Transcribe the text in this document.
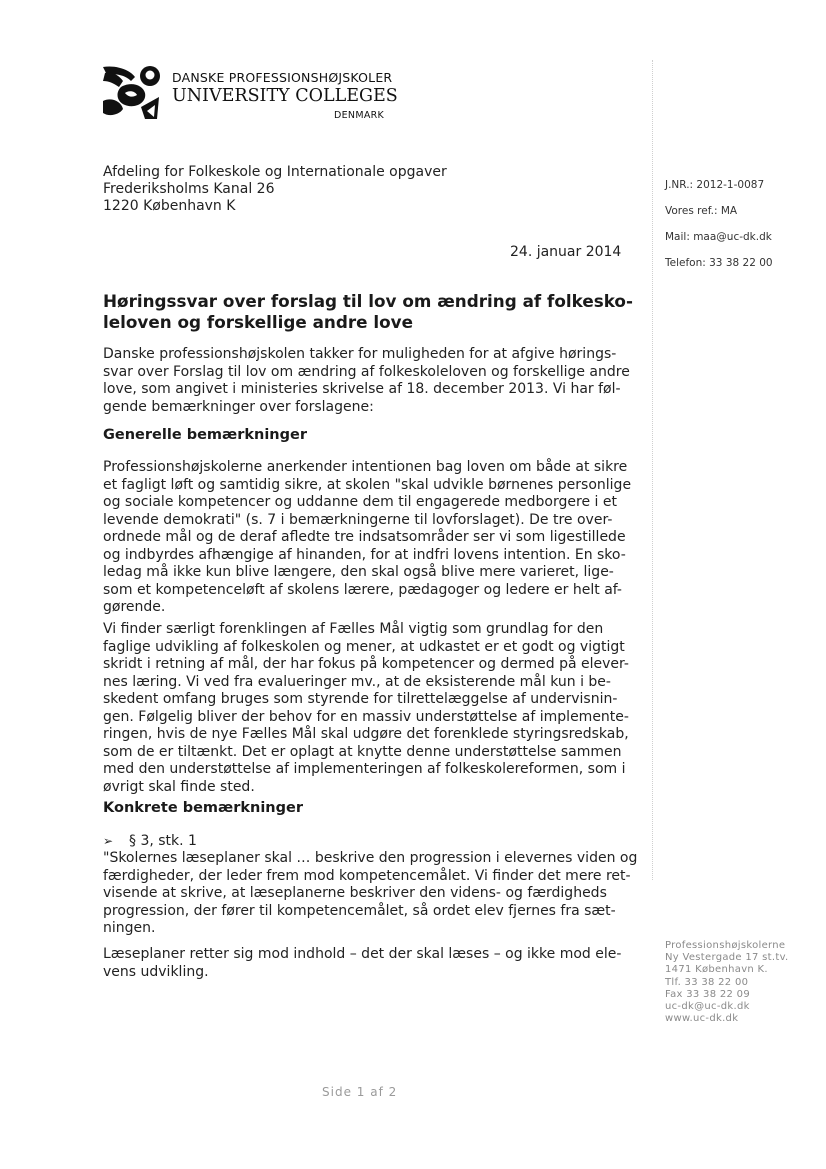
DANSKE PROFESSIONSHØJSKOLER
UNIVERSITY COLLEGES
DENMARK
Afdeling for Folkeskole og Internationale opgaver
Frederiksholms Kanal 26
1220 København K
24. januar 2014
J.NR.: 2012-1-0087
Vores ref.: MA
Mail: maa@uc-dk.dk
Telefon: 33 38 22 00
Høringssvar over forslag til lov om ændring af folkesko-
leloven og forskellige andre love
Danske professionshøjskolen takker for muligheden for at afgive hørings-
svar over Forslag til lov om ændring af folkeskoleloven og forskellige andre
love, som angivet i ministeries skrivelse af 18. december 2013. Vi har føl-
gende bemærkninger over forslagene:
Generelle bemærkninger
Professionshøjskolerne anerkender intentionen bag loven om både at sikre
et fagligt løft og samtidig sikre, at skolen "skal udvikle børnenes personlige
og sociale kompetencer og uddanne dem til engagerede medborgere i et
levende demokrati" (s. 7 i bemærkningerne til lovforslaget). De tre over-
ordnede mål og de deraf afledte tre indsatsområder ser vi som ligestillede
og indbyrdes afhængige af hinanden, for at indfri lovens intention. En sko-
ledag må ikke kun blive længere, den skal også blive mere varieret, lige-
som et kompetenceløft af skolens lærere, pædagoger og ledere er helt af-
gørende.
Vi finder særligt forenklingen af Fælles Mål vigtig som grundlag for den
faglige udvikling af folkeskolen og mener, at udkastet er et godt og vigtigt
skridt i retning af mål, der har fokus på kompetencer og dermed på elever-
nes læring. Vi ved fra evalueringer mv., at de eksisterende mål kun i be-
skedent omfang bruges som styrende for tilrettelæggelse af undervisnin-
gen. Følgelig bliver der behov for en massiv understøttelse af implemente-
ringen, hvis de nye Fælles Mål skal udgøre det forenklede styringsredskab,
som de er tiltænkt. Det er oplagt at knytte denne understøttelse sammen
med den understøttelse af implementeringen af folkeskolereformen, som i
øvrigt skal finde sted.
Konkrete bemærkninger
➢ § 3, stk. 1
"Skolernes læseplaner skal … beskrive den progression i elevernes viden og
færdigheder, der leder frem mod kompetencemålet. Vi finder det mere ret-
visende at skrive, at læseplanerne beskriver den videns- og færdigheds
progression, der fører til kompetencemålet, så ordet elev fjernes fra sæt-
ningen.
Læseplaner retter sig mod indhold – det der skal læses – og ikke mod ele-
vens udvikling.
Professionshøjskolerne
Ny Vestergade 17 st.tv.
1471 København K.
Tlf. 33 38 22 00
Fax 33 38 22 09
uc-dk@uc-dk.dk
www.uc-dk.dk
Side 1 af 2
